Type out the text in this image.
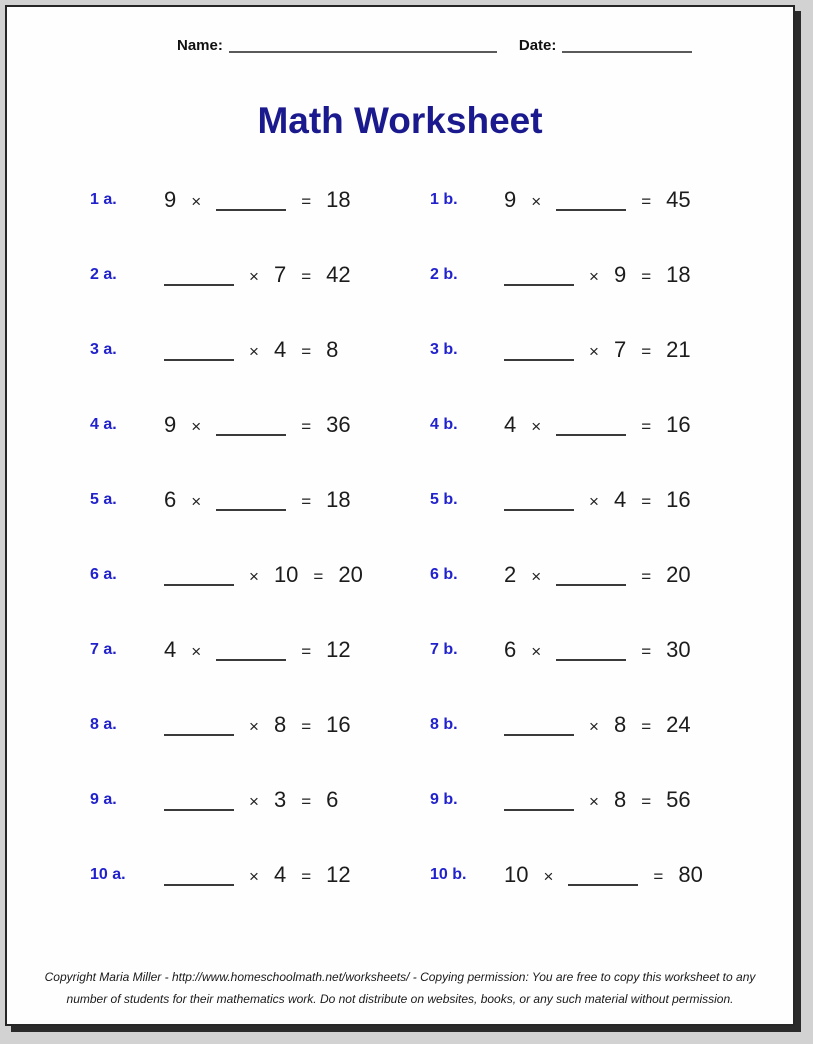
Name:	Date:
Math Worksheet
1 a.	9 ×	= 18	1 b.	9 ×	= 45
2 a.	× 7 = 42	2 b.	× 9 = 18
3 a.	× 4 = 8	3 b.	× 7 = 21
4 a.	9 ×	= 36	4 b.	4 ×	= 16
5 a.	6 ×	= 18	5 b.	× 4 = 16
6 a.	× 10 = 20	6 b.	2 ×	= 20
7 a.	4 ×	= 12	7 b.	6 ×	= 30
8 a.	× 8 = 16	8 b.	× 8 = 24
9 a.	× 3 = 6	9 b.	× 8 = 56
10 a.	× 4 = 12	10 b.	10 ×	= 80
Copyright Maria Miller - http://www.homeschoolmath.net/worksheets/ - Copying permission: You are free to copy this worksheet to any
number of students for their mathematics work. Do not distribute on websites, books, or any such material without permission.
